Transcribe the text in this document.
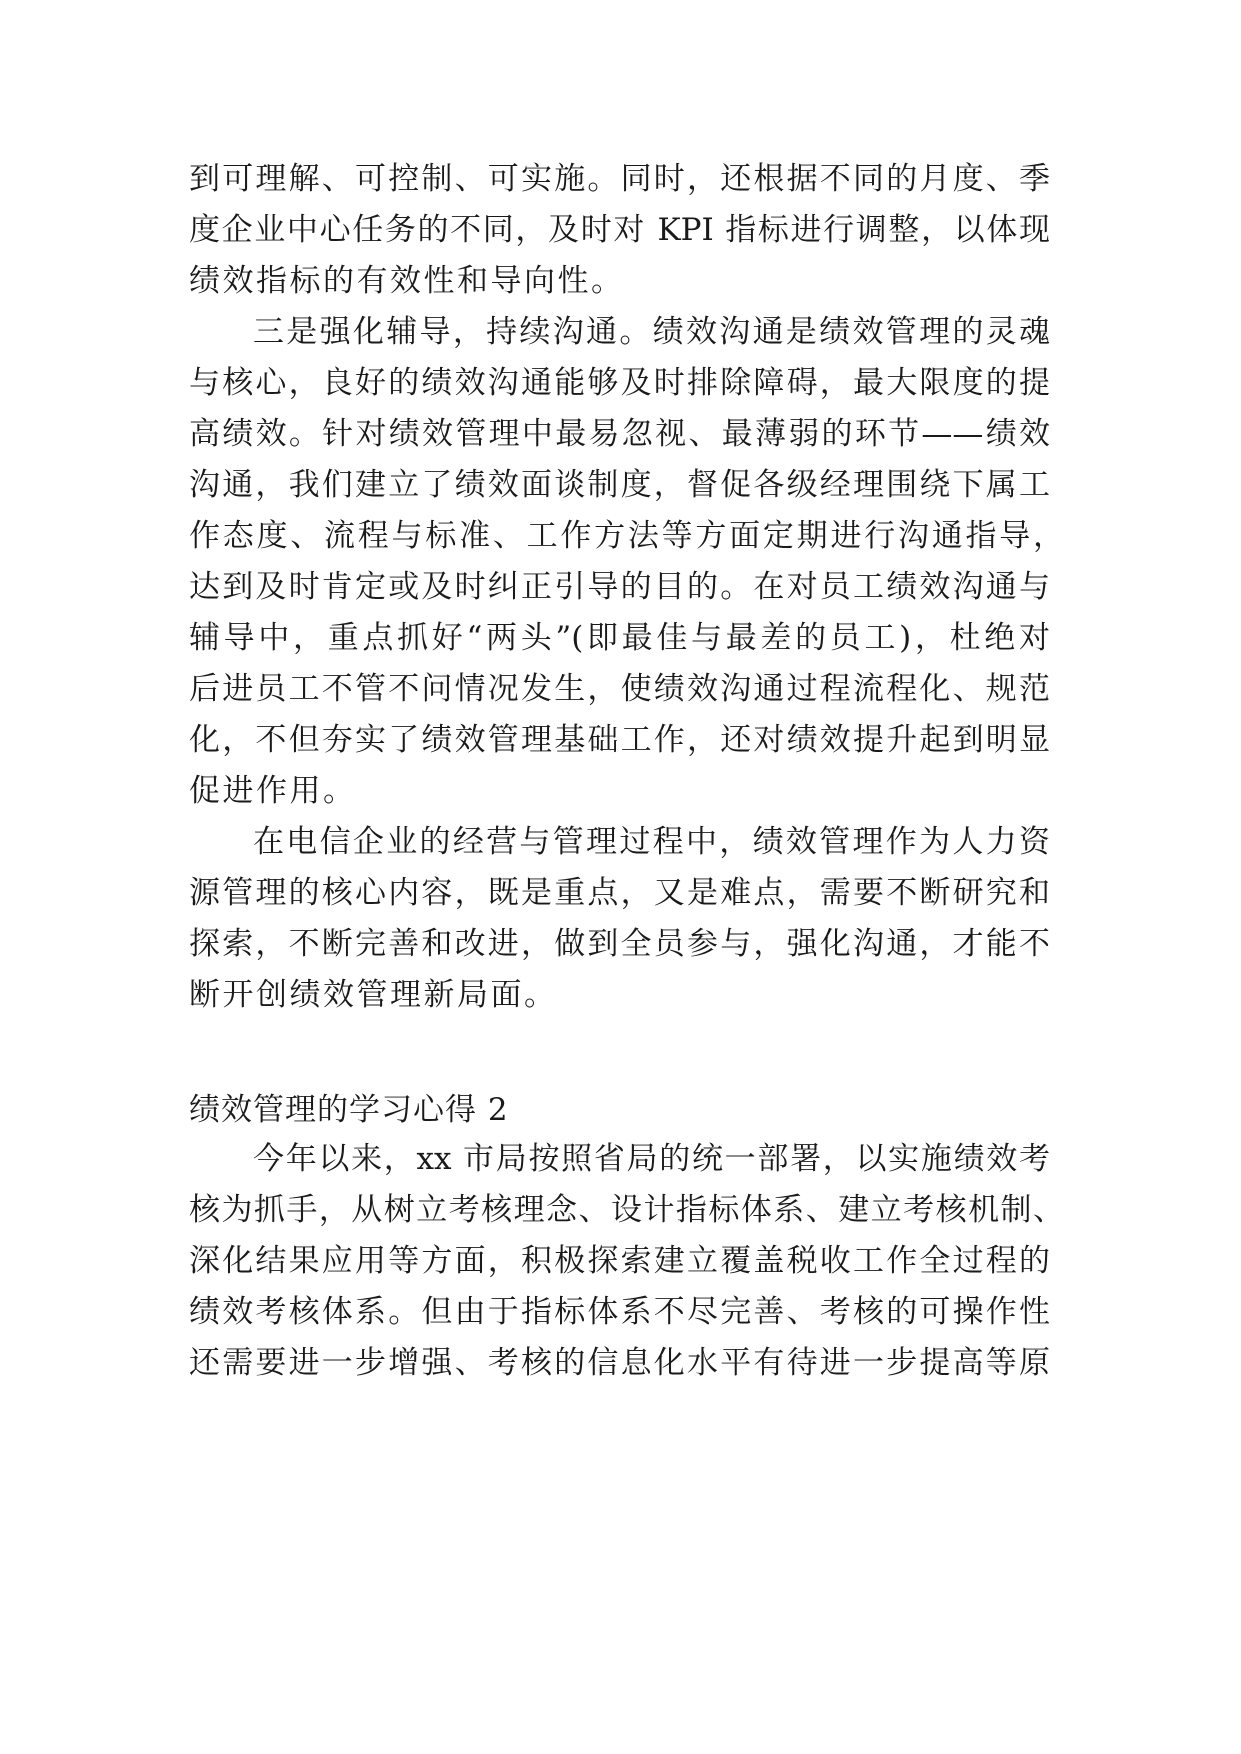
到可理解、可控制、可实施。同时，还根据不同的月度、季
度企业中心任务的不同，及时对 KPI 指标进行调整，以体现
绩效指标的有效性和导向性。
三是强化辅导，持续沟通。绩效沟通是绩效管理的灵魂
与核心，良好的绩效沟通能够及时排除障碍，最大限度的提
高绩效。针对绩效管理中最易忽视、最薄弱的环节——绩效
沟通，我们建立了绩效面谈制度，督促各级经理围绕下属工
作态度、流程与标准、工作方法等方面定期进行沟通指导，
达到及时肯定或及时纠正引导的目的。在对员工绩效沟通与
辅导中，重点抓好“两头”(即最佳与最差的员工)，杜绝对
后进员工不管不问情况发生，使绩效沟通过程流程化、规范
化，不但夯实了绩效管理基础工作，还对绩效提升起到明显
促进作用。
在电信企业的经营与管理过程中，绩效管理作为人力资
源管理的核心内容，既是重点，又是难点，需要不断研究和
探索，不断完善和改进，做到全员参与，强化沟通，才能不
断开创绩效管理新局面。
绩效管理的学习心得 2
今年以来，xx 市局按照省局的统一部署，以实施绩效考
核为抓手，从树立考核理念、设计指标体系、建立考核机制、
深化结果应用等方面，积极探索建立覆盖税收工作全过程的
绩效考核体系。但由于指标体系不尽完善、考核的可操作性
还需要进一步增强、考核的信息化水平有待进一步提高等原
